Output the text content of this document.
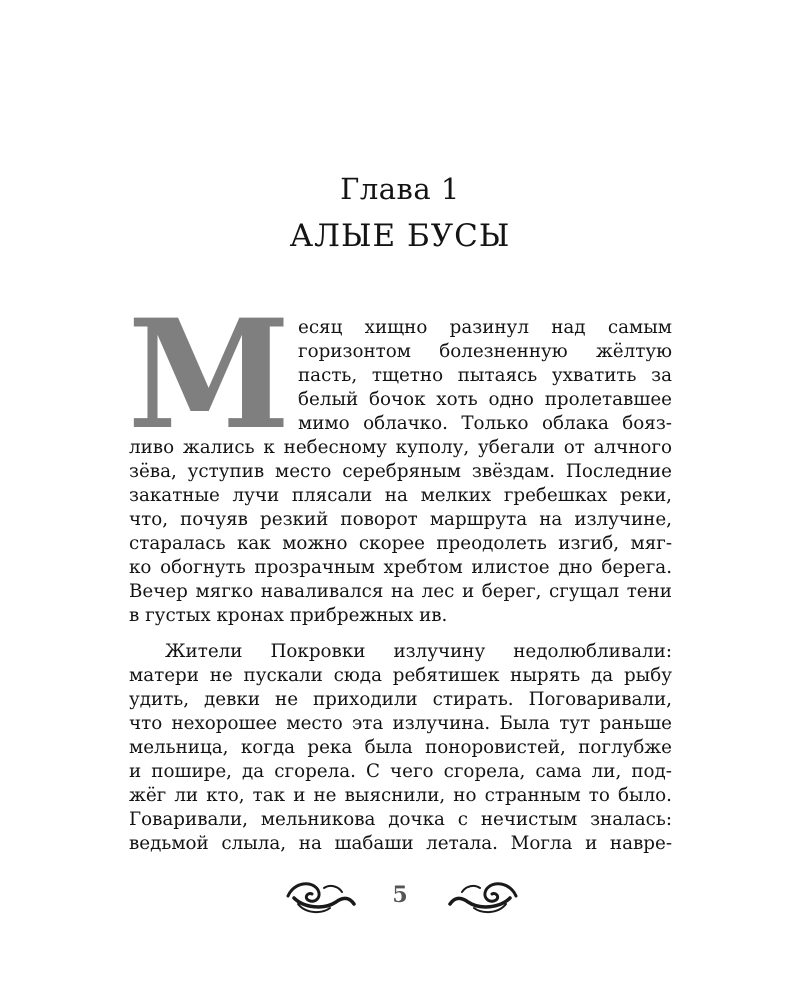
Глава 1
АЛЫЕ БУСЫ
М есяц хищно разинул над самым
горизонтом болезненную жёлтую
пасть, тщетно пытаясь ухватить за
белый бочок хоть одно пролетавшее
мимо облачко. Только облака бояз-
ливо жались к небесному куполу, убегали от алчного
зёва, уступив место серебряным звёздам. Последние
закатные лучи плясали на мелких гребешках реки,
что, почуяв резкий поворот маршрута на излучине,
старалась как можно скорее преодолеть изгиб, мяг-
ко обогнуть прозрачным хребтом илистое дно берега.
Вечер мягко наваливался на лес и берег, сгущал тени
в густых кронах прибрежных ив.
Жители Покровки излучину недолюбливали:
матери не пускали сюда ребятишек нырять да рыбу
удить, девки не приходили стирать. Поговаривали,
что нехорошее место эта излучина. Была тут раньше
мельница, когда река была поноровистей, поглубже
и пошире, да сгорела. С чего сгорела, сама ли, под-
жёг ли кто, так и не выяснили, но странным то было.
Говаривали, мельникова дочка с нечистым зналась:
ведьмой слыла, на шабаши летала. Могла и навре-
5
